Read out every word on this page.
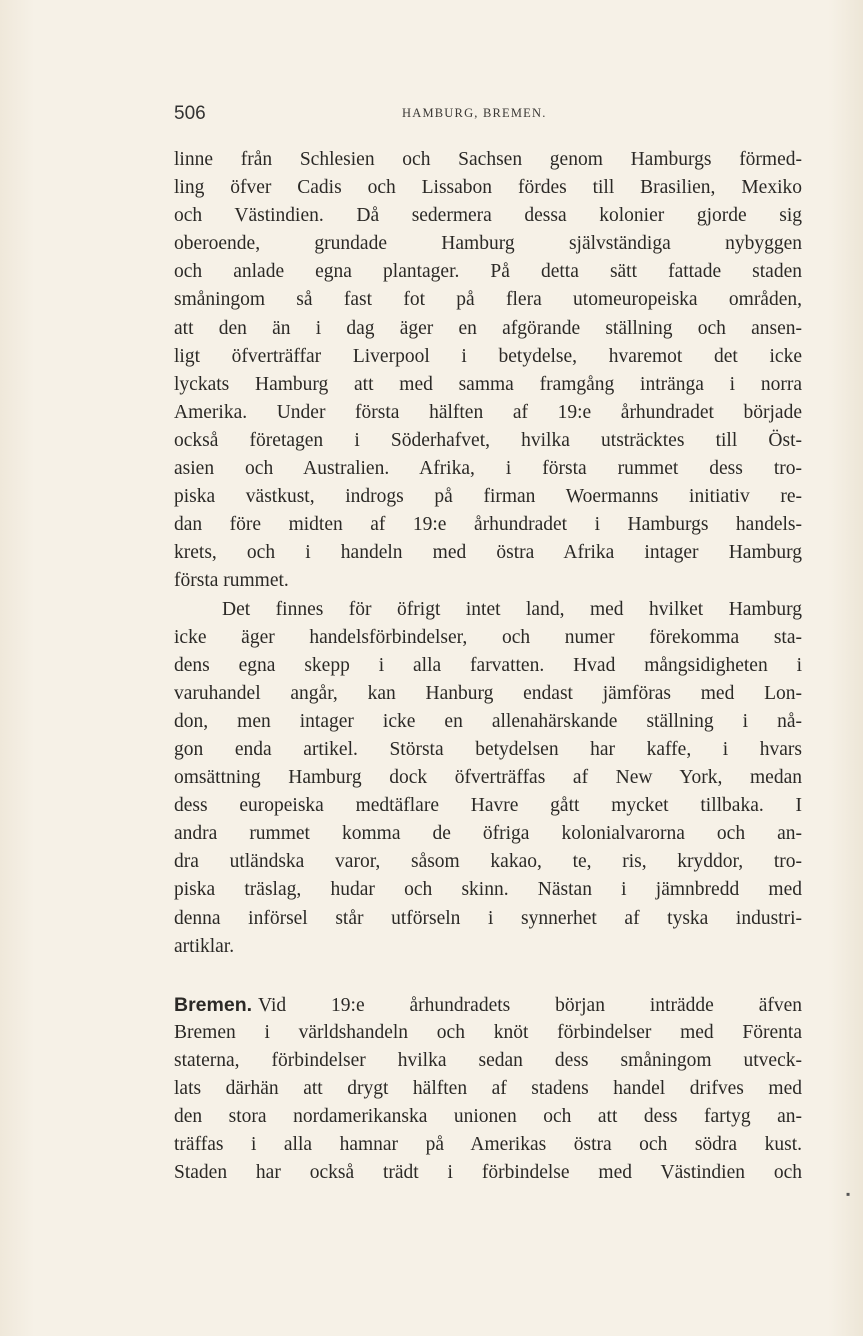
506	HAMBURG, BREMEN.
linne från Schlesien och Sachsen genom Hamburgs förmed-
ling öfver Cadis och Lissabon fördes till Brasilien, Mexiko
och Västindien. Då sedermera dessa kolonier gjorde sig
oberoende, grundade Hamburg självständiga nybyggen
och anlade egna plantager. På detta sätt fattade staden
småningom så fast fot på flera utomeuropeiska områden,
att den än i dag äger en afgörande ställning och ansen-
ligt öfverträffar Liverpool i betydelse, hvaremot det icke
lyckats Hamburg att med samma framgång intränga i norra
Amerika. Under första hälften af 19:e århundradet började
också företagen i Söderhafvet, hvilka utsträcktes till Öst-
asien och Australien. Afrika, i första rummet dess tro-
piska västkust, indrogs på firman Woermanns initiativ re-
dan före midten af 19:e århundradet i Hamburgs handels-
krets, och i handeln med östra Afrika intager Hamburg
första rummet.
Det finnes för öfrigt intet land, med hvilket Hamburg
icke äger handelsförbindelser, och numer förekomma sta-
dens egna skepp i alla farvatten. Hvad mångsidigheten i
varuhandel angår, kan Hanburg endast jämföras med Lon-
don, men intager icke en allenahärskande ställning i nå-
gon enda artikel. Största betydelsen har kaffe, i hvars
omsättning Hamburg dock öfverträffas af New York, medan
dess europeiska medtäflare Havre gått mycket tillbaka. I
andra rummet komma de öfriga kolonialvarorna och an-
dra utländska varor, såsom kakao, te, ris, kryddor, tro-
piska träslag, hudar och skinn. Nästan i jämnbredd med
denna införsel står utförseln i synnerhet af tyska industri-
artiklar.
Bremen. Vid 19:e århundradets början inträdde äfven
Bremen i världshandeln och knöt förbindelser med Förenta
staterna, förbindelser hvilka sedan dess småningom utveck-
lats därhän att drygt hälften af stadens handel drifves med
den stora nordamerikanska unionen och att dess fartyg an-
träffas i alla hamnar på Amerikas östra och södra kust.
Staden har också trädt i förbindelse med Västindien och
▪
